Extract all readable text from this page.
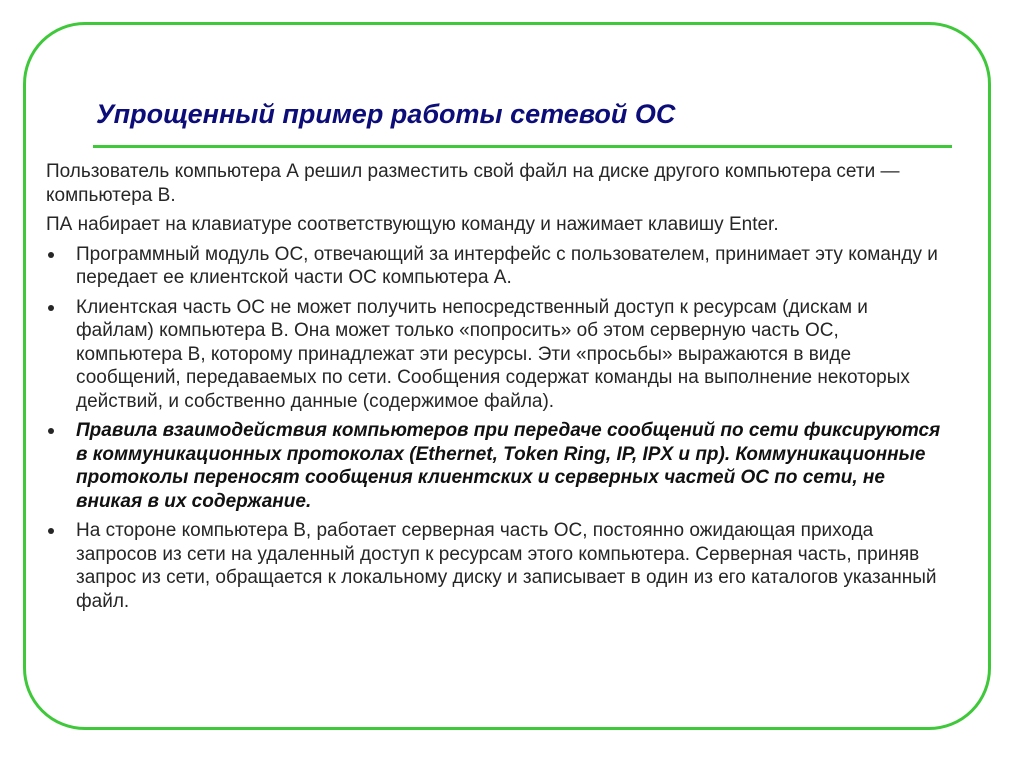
Упрощенный пример работы сетевой ОС

Пользователь компьютера А решил разместить свой файл на диске другого компьютера сети — компьютера В.

ПА набирает на клавиатуре соответствующую команду и нажимает клавишу Enter.

Программный модуль ОС, отвечающий за интерфейс с пользователем, принимает эту команду и передает ее клиентской части ОС компьютера А.
Клиентская часть ОС не может получить непосредственный доступ к ресурсам (дискам и файлам) компьютера В. Она может только «попросить» об этом серверную часть ОС, компьютера В, которому принадлежат эти ресурсы. Эти «просьбы» выражаются в виде сообщений, передаваемых по сети. Сообщения содержат команды на выполнение некоторых действий, и собственно данные (содержимое файла).
Правила взаимодействия компьютеров при передаче сообщений по сети фиксируются в коммуникационных протоколах (Ethernet, Token Ring, IP, IPX и пр). Коммуникационные протоколы переносят сообщения клиентских и серверных частей ОС по сети, не вникая в их содержание.
На стороне компьютера В, работает серверная часть ОС, постоянно ожидающая прихода запросов из сети на удаленный доступ к ресурсам этого компьютера. Серверная часть, приняв запрос из сети, обращается к локальному диску и записывает в один из его каталогов указанный файл.
